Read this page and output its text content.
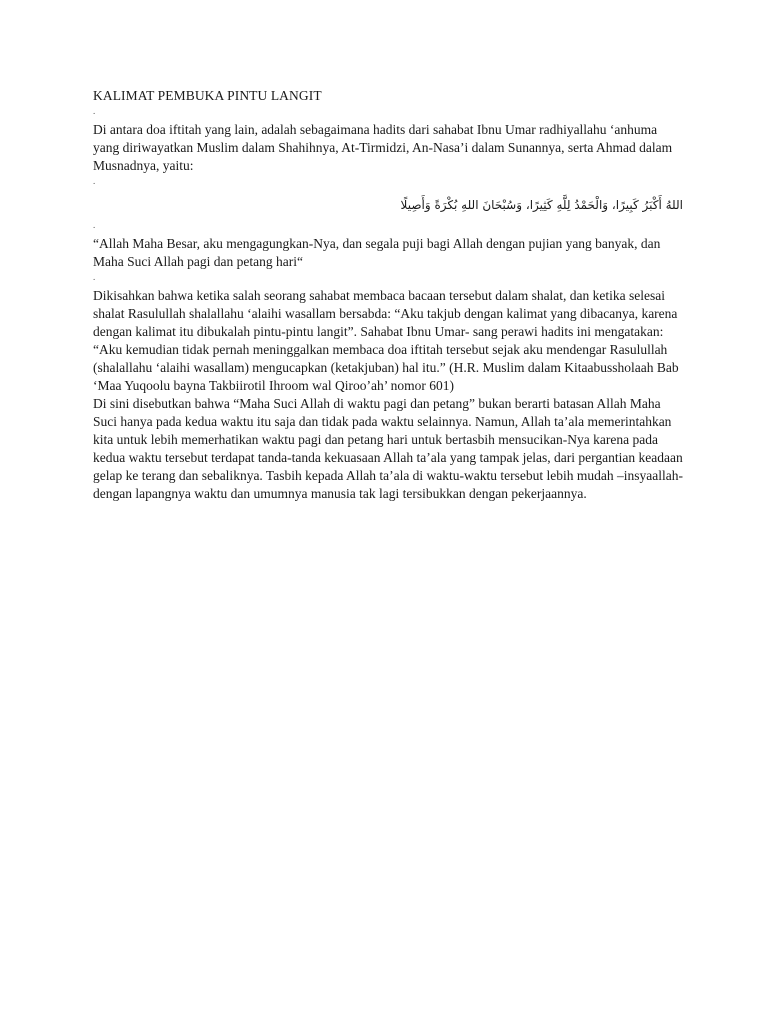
KALIMAT PEMBUKA PINTU LANGIT
.

Di antara doa iftitah yang lain, adalah sebagaimana hadits dari sahabat Ibnu Umar radhiyallahu ‘anhuma yang diriwayatkan Muslim dalam Shahihnya, At-Tirmidzi, An-Nasa’i dalam Sunannya, serta Ahmad dalam Musnadnya, yaitu:

.
اللهُ أَكْبَرُ كَبِيرًا، وَالْحَمْدُ لِلَّهِ كَثِيرًا، وَسُبْحَانَ اللهِ بُكْرَةً وَأَصِيلًا
.

“Allah Maha Besar, aku mengagungkan-Nya, dan segala puji bagi Allah dengan pujian yang banyak, dan Maha Suci Allah pagi dan petang hari“

.

Dikisahkan bahwa ketika salah seorang sahabat membaca bacaan tersebut dalam shalat, dan ketika selesai shalat Rasulullah shalallahu ‘alaihi wasallam bersabda: “Aku takjub dengan kalimat yang dibacanya, karena dengan kalimat itu dibukalah pintu-pintu langit”. Sahabat Ibnu Umar- sang perawi hadits ini mengatakan: “Aku kemudian tidak pernah meninggalkan membaca doa iftitah tersebut sejak aku mendengar Rasulullah (shalallahu ‘alaihi wasallam) mengucapkan (ketakjuban) hal itu.” (H.R. Muslim dalam Kitaabussholaah Bab ‘Maa Yuqoolu bayna Takbiirotil Ihroom wal Qiroo’ah’ nomor 601)

Di sini disebutkan bahwa “Maha Suci Allah di waktu pagi dan petang” bukan berarti batasan Allah Maha Suci hanya pada kedua waktu itu saja dan tidak pada waktu selainnya. Namun, Allah ta’ala memerintahkan kita untuk lebih memerhatikan waktu pagi dan petang hari untuk bertasbih mensucikan-Nya karena pada kedua waktu tersebut terdapat tanda-tanda kekuasaan Allah ta’ala yang tampak jelas, dari pergantian keadaan gelap ke terang dan sebaliknya. Tasbih kepada Allah ta’ala di waktu-waktu tersebut lebih mudah –insyaallah- dengan lapangnya waktu dan umumnya manusia tak lagi tersibukkan dengan pekerjaannya.
